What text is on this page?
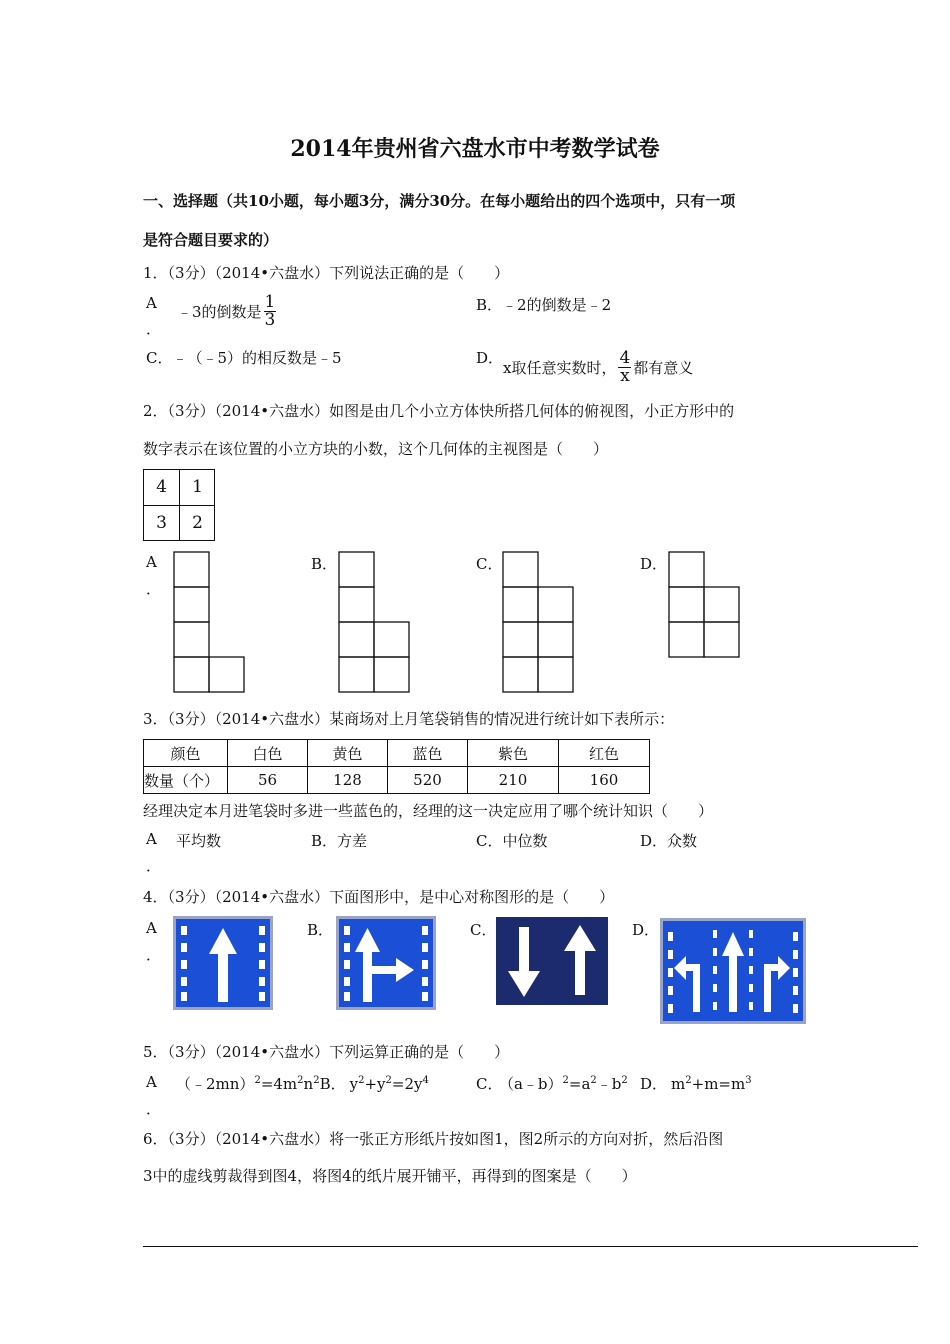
2014年贵州省六盘水市中考数学试卷
一、选择题（共10小题，每小题3分，满分30分。在每小题给出的四个选项中，只有一项
是符合题目要求的）
1．（3分）（2014•六盘水）下列说法正确的是（　　）
A
．
﹣3的倒数是 $\frac{1}{3}$	B．﹣2的倒数是﹣2
C．﹣（﹣5）的相反数是﹣5	D．
x取任意实数时， $\frac{4}{x}$ 都有意义
2．（3分）（2014•六盘水）如图是由几个小立方体快所搭几何体的俯视图，小正方形中的
数字表示在该位置的小立方块的小数，这个几何体的主视图是（　　）
4	1
3	2
A
．
B．	C．	D．
3．（3分）（2014•六盘水）某商场对上月笔袋销售的情况进行统计如下表所示：
颜色	白色	黄色	蓝色	紫色	红色
数量（个）	56	128	520	210	160
经理决定本月进笔袋时多进一些蓝色的，经理的这一决定应用了哪个统计知识（　　）
A
．
平均数	B．方差	C．中位数	D．众数
4．（3分）（2014•六盘水）下面图形中，是中心对称图形的是（　　）
A
．
B．	C．	D．
5．（3分）（2014•六盘水）下列运算正确的是（　　）
A
．
$(﹣2mn)^2=4m^2n^2B$． $y^2+y^2=2y^4$	C． $(a﹣b)^2=a^2﹣b^2$ D． $m^2+m=m^3$
6．（3分）（2014•六盘水）将一张正方形纸片按如图1，图2所示的方向对折，然后沿图
3中的虚线剪裁得到图4，将图4的纸片展开铺平，再得到的图案是（　　）
